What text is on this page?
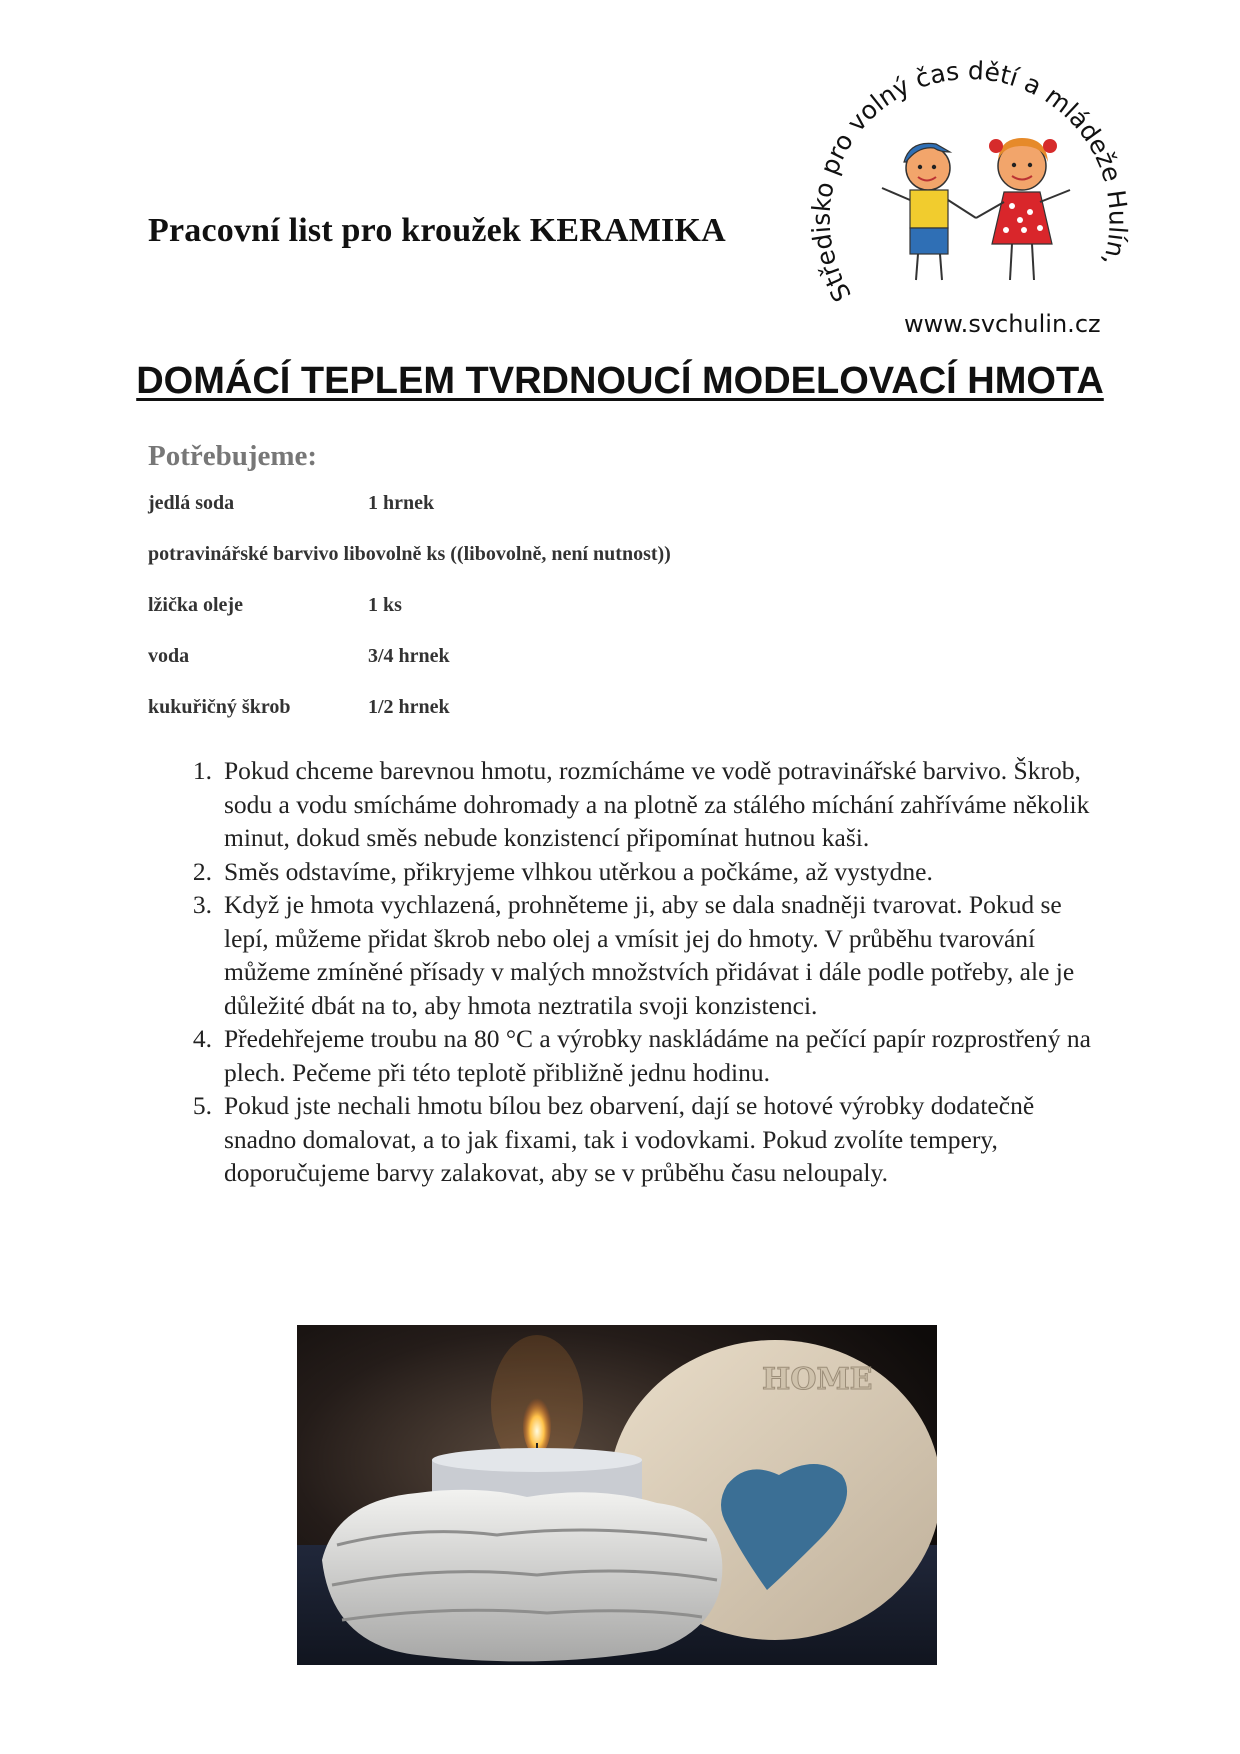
Pracovní list pro kroužek KERAMIKA
Středisko pro volný čas dětí a mládeže Hulín,
www.svchulin.cz
DOMÁCÍ TEPLEM TVRDNOUCÍ MODELOVACÍ HMOTA
Potřebujeme:
jedlá soda	1 hrnek
potravinářské barvivo libovolně ks ((libovolně, není nutnost))
lžička oleje	1 ks
voda	3/4 hrnek
kukuřičný škrob	1/2 hrnek
1. Pokud chceme barevnou hmotu, rozmícháme ve vodě potravinářské barvivo. Škrob, sodu a vodu smícháme dohromady a na plotně za stálého míchání zahříváme několik minut, dokud směs nebude konzistencí připomínat hutnou kaši.
2. Směs odstavíme, přikryjeme vlhkou utěrkou a počkáme, až vystydne.
3. Když je hmota vychlazená, prohněteme ji, aby se dala snadněji tvarovat. Pokud se lepí, můžeme přidat škrob nebo olej a vmísit jej do hmoty. V průběhu tvarování můžeme zmíněné přísady v malých množstvích přidávat i dále podle potřeby, ale je důležité dbát na to, aby hmota neztratila svoji konzistenci.
4. Předehřejeme troubu na 80 °C a výrobky naskládáme na pečící papír rozprostřený na plech. Pečeme při této teplotě přibližně jednu hodinu.
5. Pokud jste nechali hmotu bílou bez obarvení, dají se hotové výrobky dodatečně snadno domalovat, a to jak fixami, tak i vodovkami. Pokud zvolíte tempery, doporučujeme barvy zalakovat, aby se v průběhu času neloupaly.
HOME
